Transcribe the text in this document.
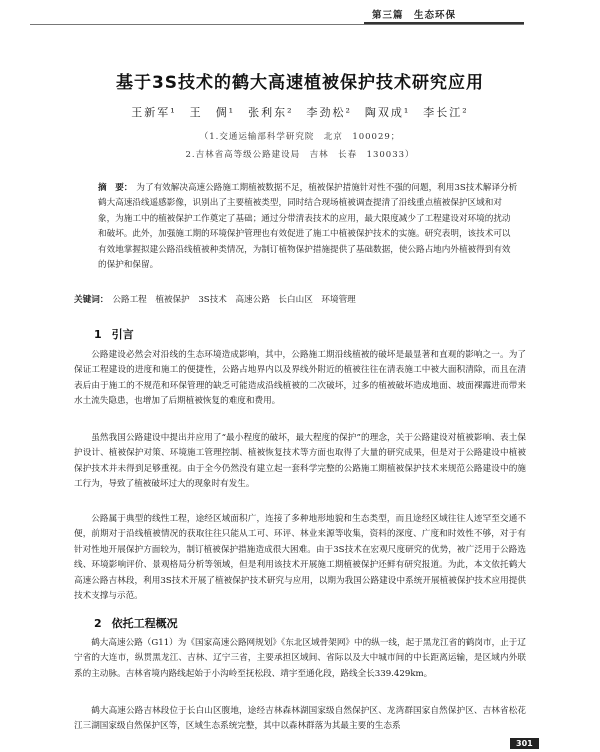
第三篇　生态环保
基于3S技术的鹤大高速植被保护技术研究应用
王新军¹　王　倜¹　张利东²　李劲松²　陶双成¹　李长江²
（1.交通运输部科学研究院　北京　100029；
2.吉林省高等级公路建设局　吉林　长春　130033）
摘　要： 为了有效解决高速公路施工期植被数据不足，植被保护措施针对性不强的问题，利用3S技术解译分析鹤大高速沿线遥感影像，识别出了主要植被类型，同时结合现场植被调查提清了沿线重点植被保护区域和对象，为施工中的植被保护工作奠定了基础；通过分带清表技术的应用，最大限度减少了工程建设对环境的扰动和破坏。此外，加强施工期的环境保护管理也有效促进了施工中植被保护技术的实施。研究表明，该技术可以有效地掌握拟建公路沿线植被种类情况，为制订植物保护措施提供了基础数据，使公路占地内外植被得到有效的保护和保留。
关键词： 公路工程　植被保护　3S技术　高速公路　长白山区　环境管理
1 引言
公路建设必然会对沿线的生态环境造成影响，其中，公路施工期沿线植被的破坏是最显著和直观的影响之一。为了保证工程建设的进度和施工的便捷性，公路占地界内以及界线外附近的植被往往在清表施工中被大面积清除，而且在清表后由于施工的不规范和环保管理的缺乏可能造成沿线植被的二次破坏，过多的植被破坏造成地面、坡面裸露进而带来水土流失隐患，也增加了后期植被恢复的难度和费用。
虽然我国公路建设中提出并应用了“最小程度的破坏，最大程度的保护”的理念，关于公路建设对植被影响、表土保护设计、植被保护对策、环境施工管理控制、植被恢复技术等方面也取得了大量的研究成果，但是对于公路建设中植被保护技术并未得到足够重视。由于全今仍然没有建立起一套科学完整的公路施工期植被保护技术来规范公路建设中的施工行为，导致了植被破坏过大的现象时有发生。
公路属于典型的线性工程，途经区域面积广，连接了多种地形地貌和生态类型，而且途经区域往往人迹罕至交通不便，前期对于沿线植被情况的获取往往只能从工可、环评、林业来源等收集，资料的深度、广度和时效性不够，对于有针对性地开展保护方面较为，制订植被保护措施造成很大困难。由于3S技术在宏观尺度研究的优势，被广泛用于公路选线、环境影响评价、景观格局分析等领域，但是利用该技术开展施工期植被保护还鲜有研究报道。为此，本文依托鹤大高速公路吉林段，利用3S技术开展了植被保护技术研究与应用，以期为我国公路建设中系统开展植被保护技术应用提供技术支撑与示范。
2 依托工程概况
鹤大高速公路（G11）为《国家高速公路网规划》《东北区域骨架网》中的纵一线，起于黑龙江省的鹤岗市，止于辽宁省的大连市，纵贯黑龙江、吉林、辽宁三省，主要承担区域间、省际以及大中城市间的中长距离运输，是区域内外联系的主动脉。吉林省境内路线起始于小沟岭至抚松段、靖宇至通化段，路线全长339.429km。
鹤大高速公路吉林段位于长白山区腹地，途经吉林森林湖国家级自然保护区、龙湾群国家自然保护区、吉林省松花江三湖国家级自然保护区等，区域生态系统完整，其中以森林群落为其最主要的生态系
301
